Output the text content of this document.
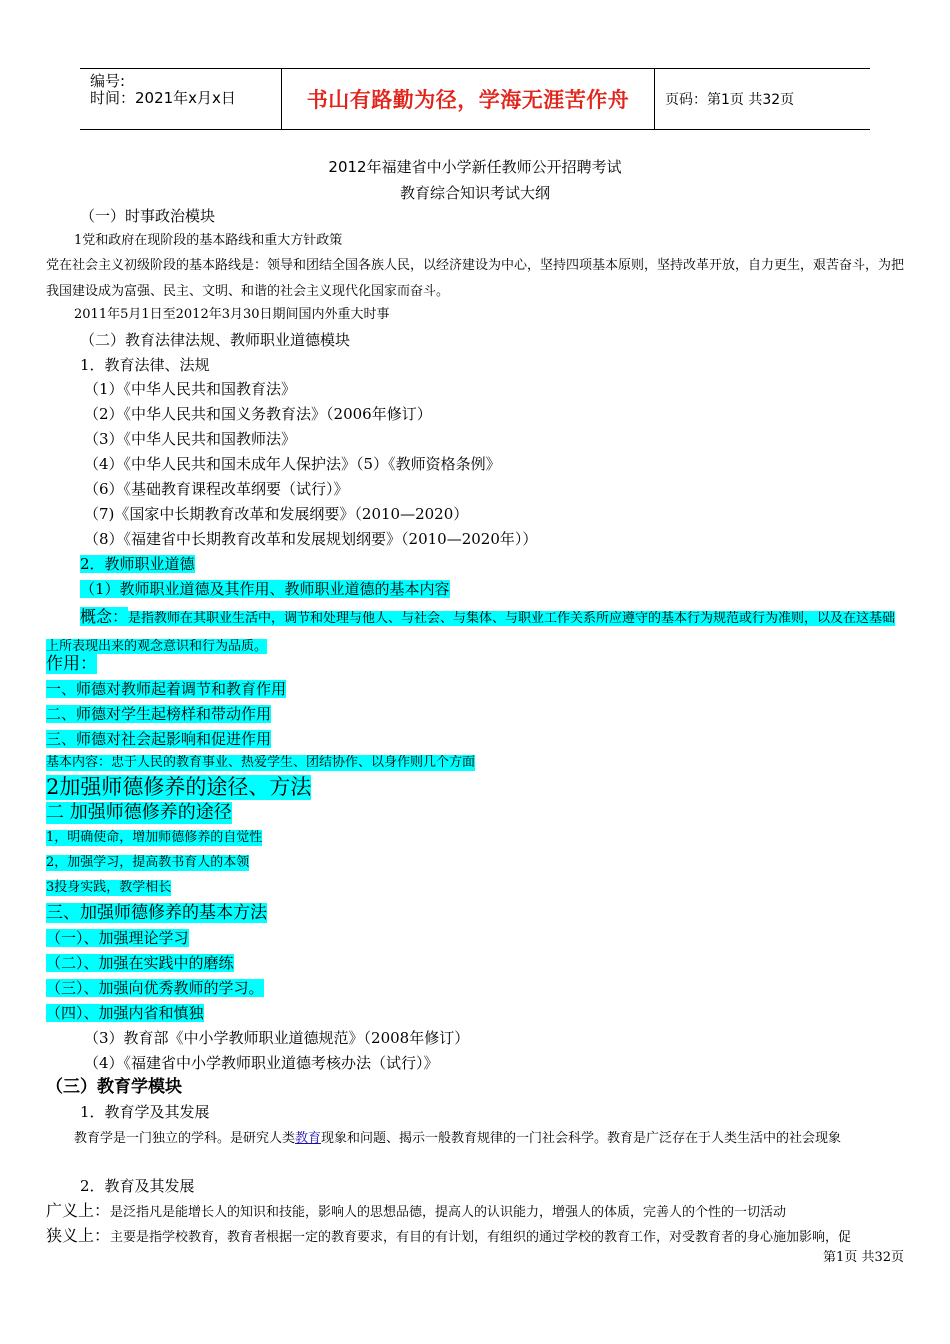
编号:
时间：2021年x月x日	书山有路勤为径，学海无涯苦作舟	页码：第1页 共32页
2012年福建省中小学新任教师公开招聘考试
教育综合知识考试大纲
（一）时事政治模块
1党和政府在现阶段的基本路线和重大方针政策
党在社会主义初级阶段的基本路线是：领导和团结全国各族人民，以经济建设为中心，坚持四项基本原则，坚持改革开放，自力更生，艰苦奋斗，为把我国建设成为富强、民主、文明、和谐的社会主义现代化国家而奋斗。
2011年5月1日至2012年3月30日期间国内外重大时事
（二）教育法律法规、教师职业道德模块
1．教育法律、法规
（1）《中华人民共和国教育法》
（2）《中华人民共和国义务教育法》（2006年修订）
（3）《中华人民共和国教师法》
（4）《中华人民共和国未成年人保护法》（5）《教师资格条例》
（6）《基础教育课程改革纲要（试行）》
（7)《国家中长期教育改革和发展纲要》（2010—2020）
（8）《福建省中长期教育改革和发展规划纲要》（2010—2020年））
2．教师职业道德
（1）教师职业道德及其作用、教师职业道德的基本内容
概念：是指教师在其职业生活中，调节和处理与他人、与社会、与集体、与职业工作关系所应遵守的基本行为规范或行为准则，以及在这基础上所表现出来的观念意识和行为品质。
作用：
一、师德对教师起着调节和教育作用
二、师德对学生起榜样和带动作用
三、师德对社会起影响和促进作用
基本内容：忠于人民的教育事业、热爱学生、团结协作、以身作则几个方面
2加强师德修养的途径、方法
二 加强师德修养的途径
1，明确使命，增加师德修养的自觉性
2，加强学习，提高教书育人的本领
3投身实践，教学相长
三、加强师德修养的基本方法
（一）、加强理论学习
（二）、加强在实践中的磨练
（三）、加强向优秀教师的学习。
（四）、加强内省和慎独
（3）教育部《中小学教师职业道德规范》（2008年修订）
（4）《福建省中小学教师职业道德考核办法（试行）》
（三）教育学模块
1．教育学及其发展
教育学是一门独立的学科。是研究人类教育现象和问题、揭示一般教育规律的一门社会科学。教育是广泛存在于人类生活中的社会现象
2．教育及其发展
广义上：是泛指凡是能增长人的知识和技能，影响人的思想品德，提高人的认识能力，增强人的体质，完善人的个性的一切活动
狭义上：主要是指学校教育，教育者根据一定的教育要求，有目的有计划，有组织的通过学校的教育工作，对受教育者的身心施加影响，促
第1页 共32页
